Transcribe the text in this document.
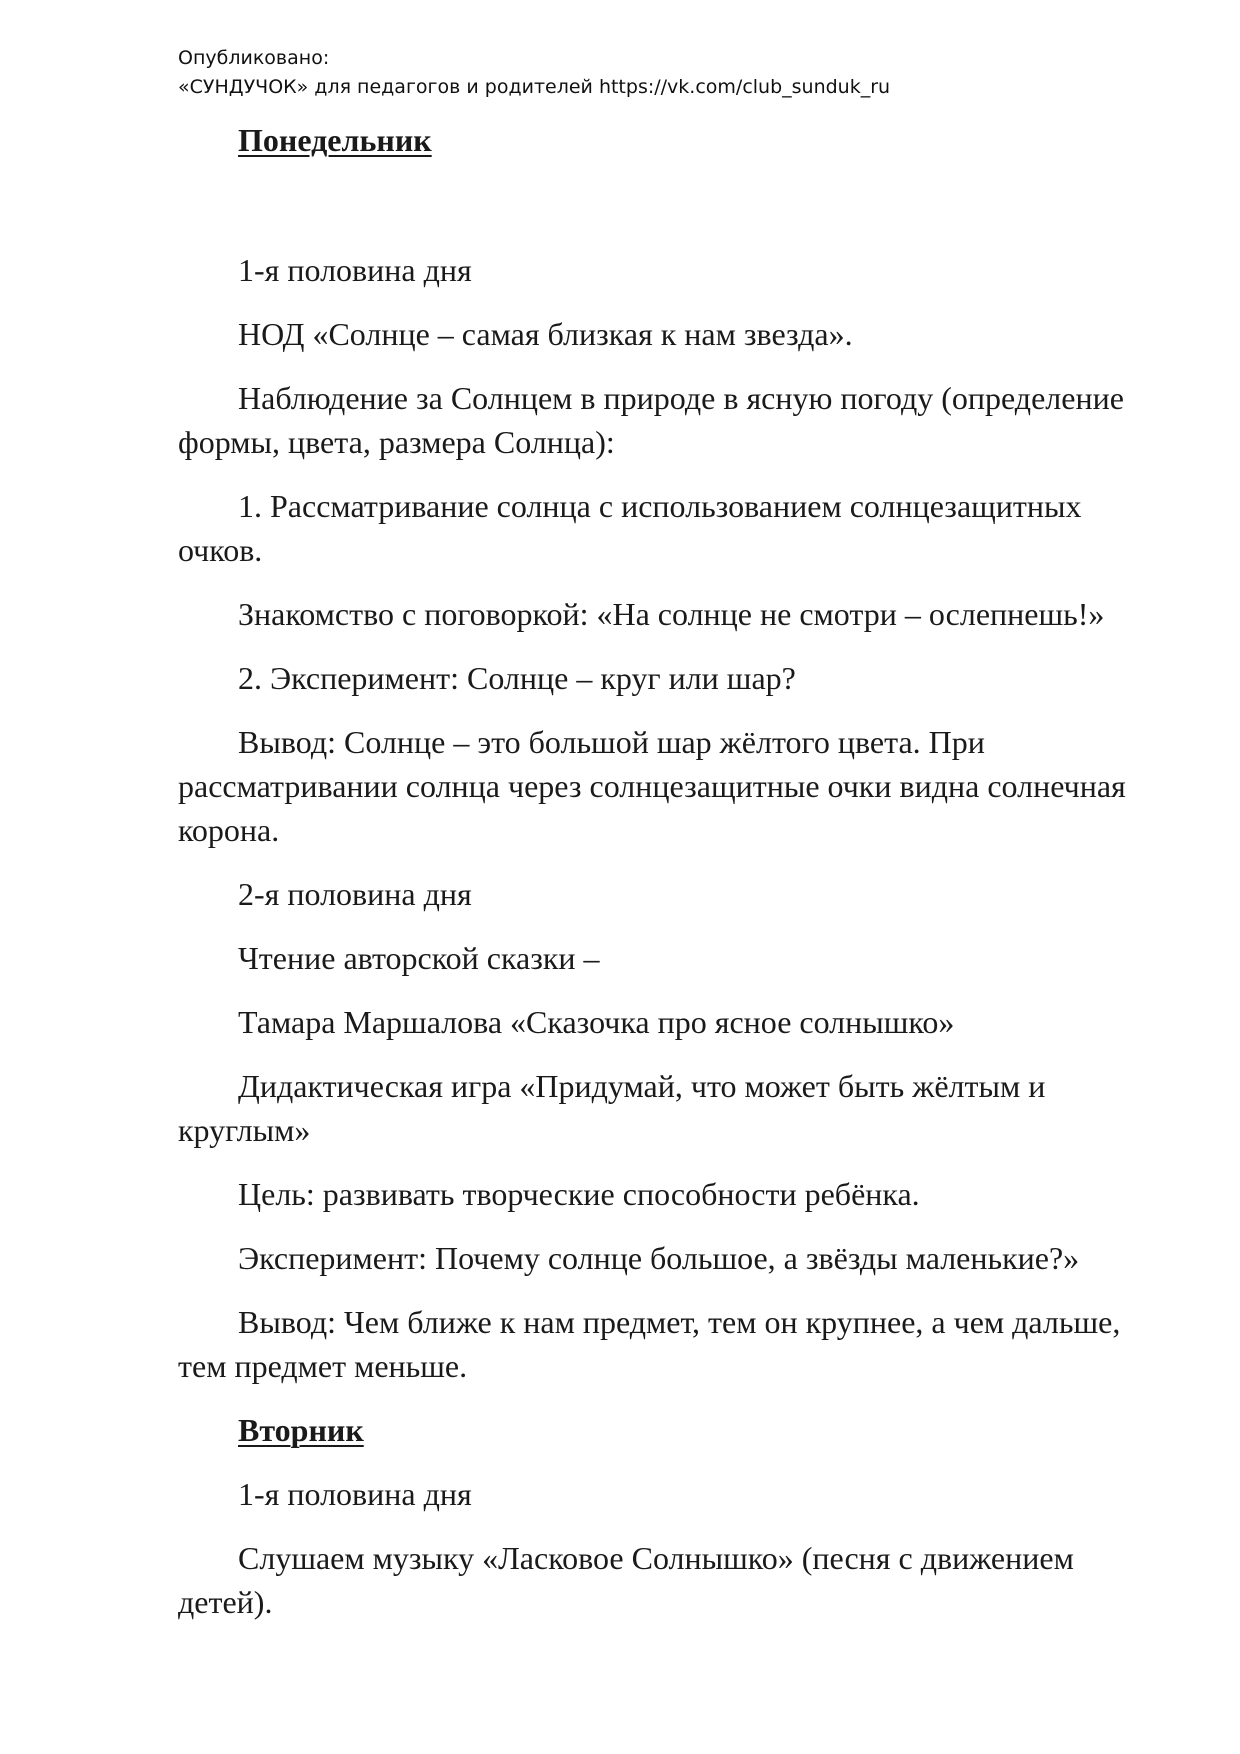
Опубликовано:
«СУНДУЧОК» для педагогов и родителей https://vk.com/club_sunduk_ru

Понедельник

1-я половина дня

НОД «Солнце – самая близкая к нам звезда».

Наблюдение за Солнцем в природе в ясную погоду (определение формы, цвета, размера Солнца):

1. Рассматривание солнца с использованием солнцезащитных очков.

Знакомство с поговоркой: «На солнце не смотри – ослепнешь!»

2. Эксперимент: Солнце – круг или шар?

Вывод: Солнце – это большой шар жёлтого цвета. При рассматривании солнца через солнцезащитные очки видна солнечная корона.

2-я половина дня

Чтение авторской сказки –

Тамара Маршалова «Сказочка про ясное солнышко»

Дидактическая игра «Придумай, что может быть жёлтым и круглым»

Цель: развивать творческие способности ребёнка.

Эксперимент: Почему солнце большое, а звёзды маленькие?»

Вывод: Чем ближе к нам предмет, тем он крупнее, а чем дальше, тем предмет меньше.

Вторник

1-я половина дня

Слушаем музыку «Ласковое Солнышко» (песня с движением детей).
